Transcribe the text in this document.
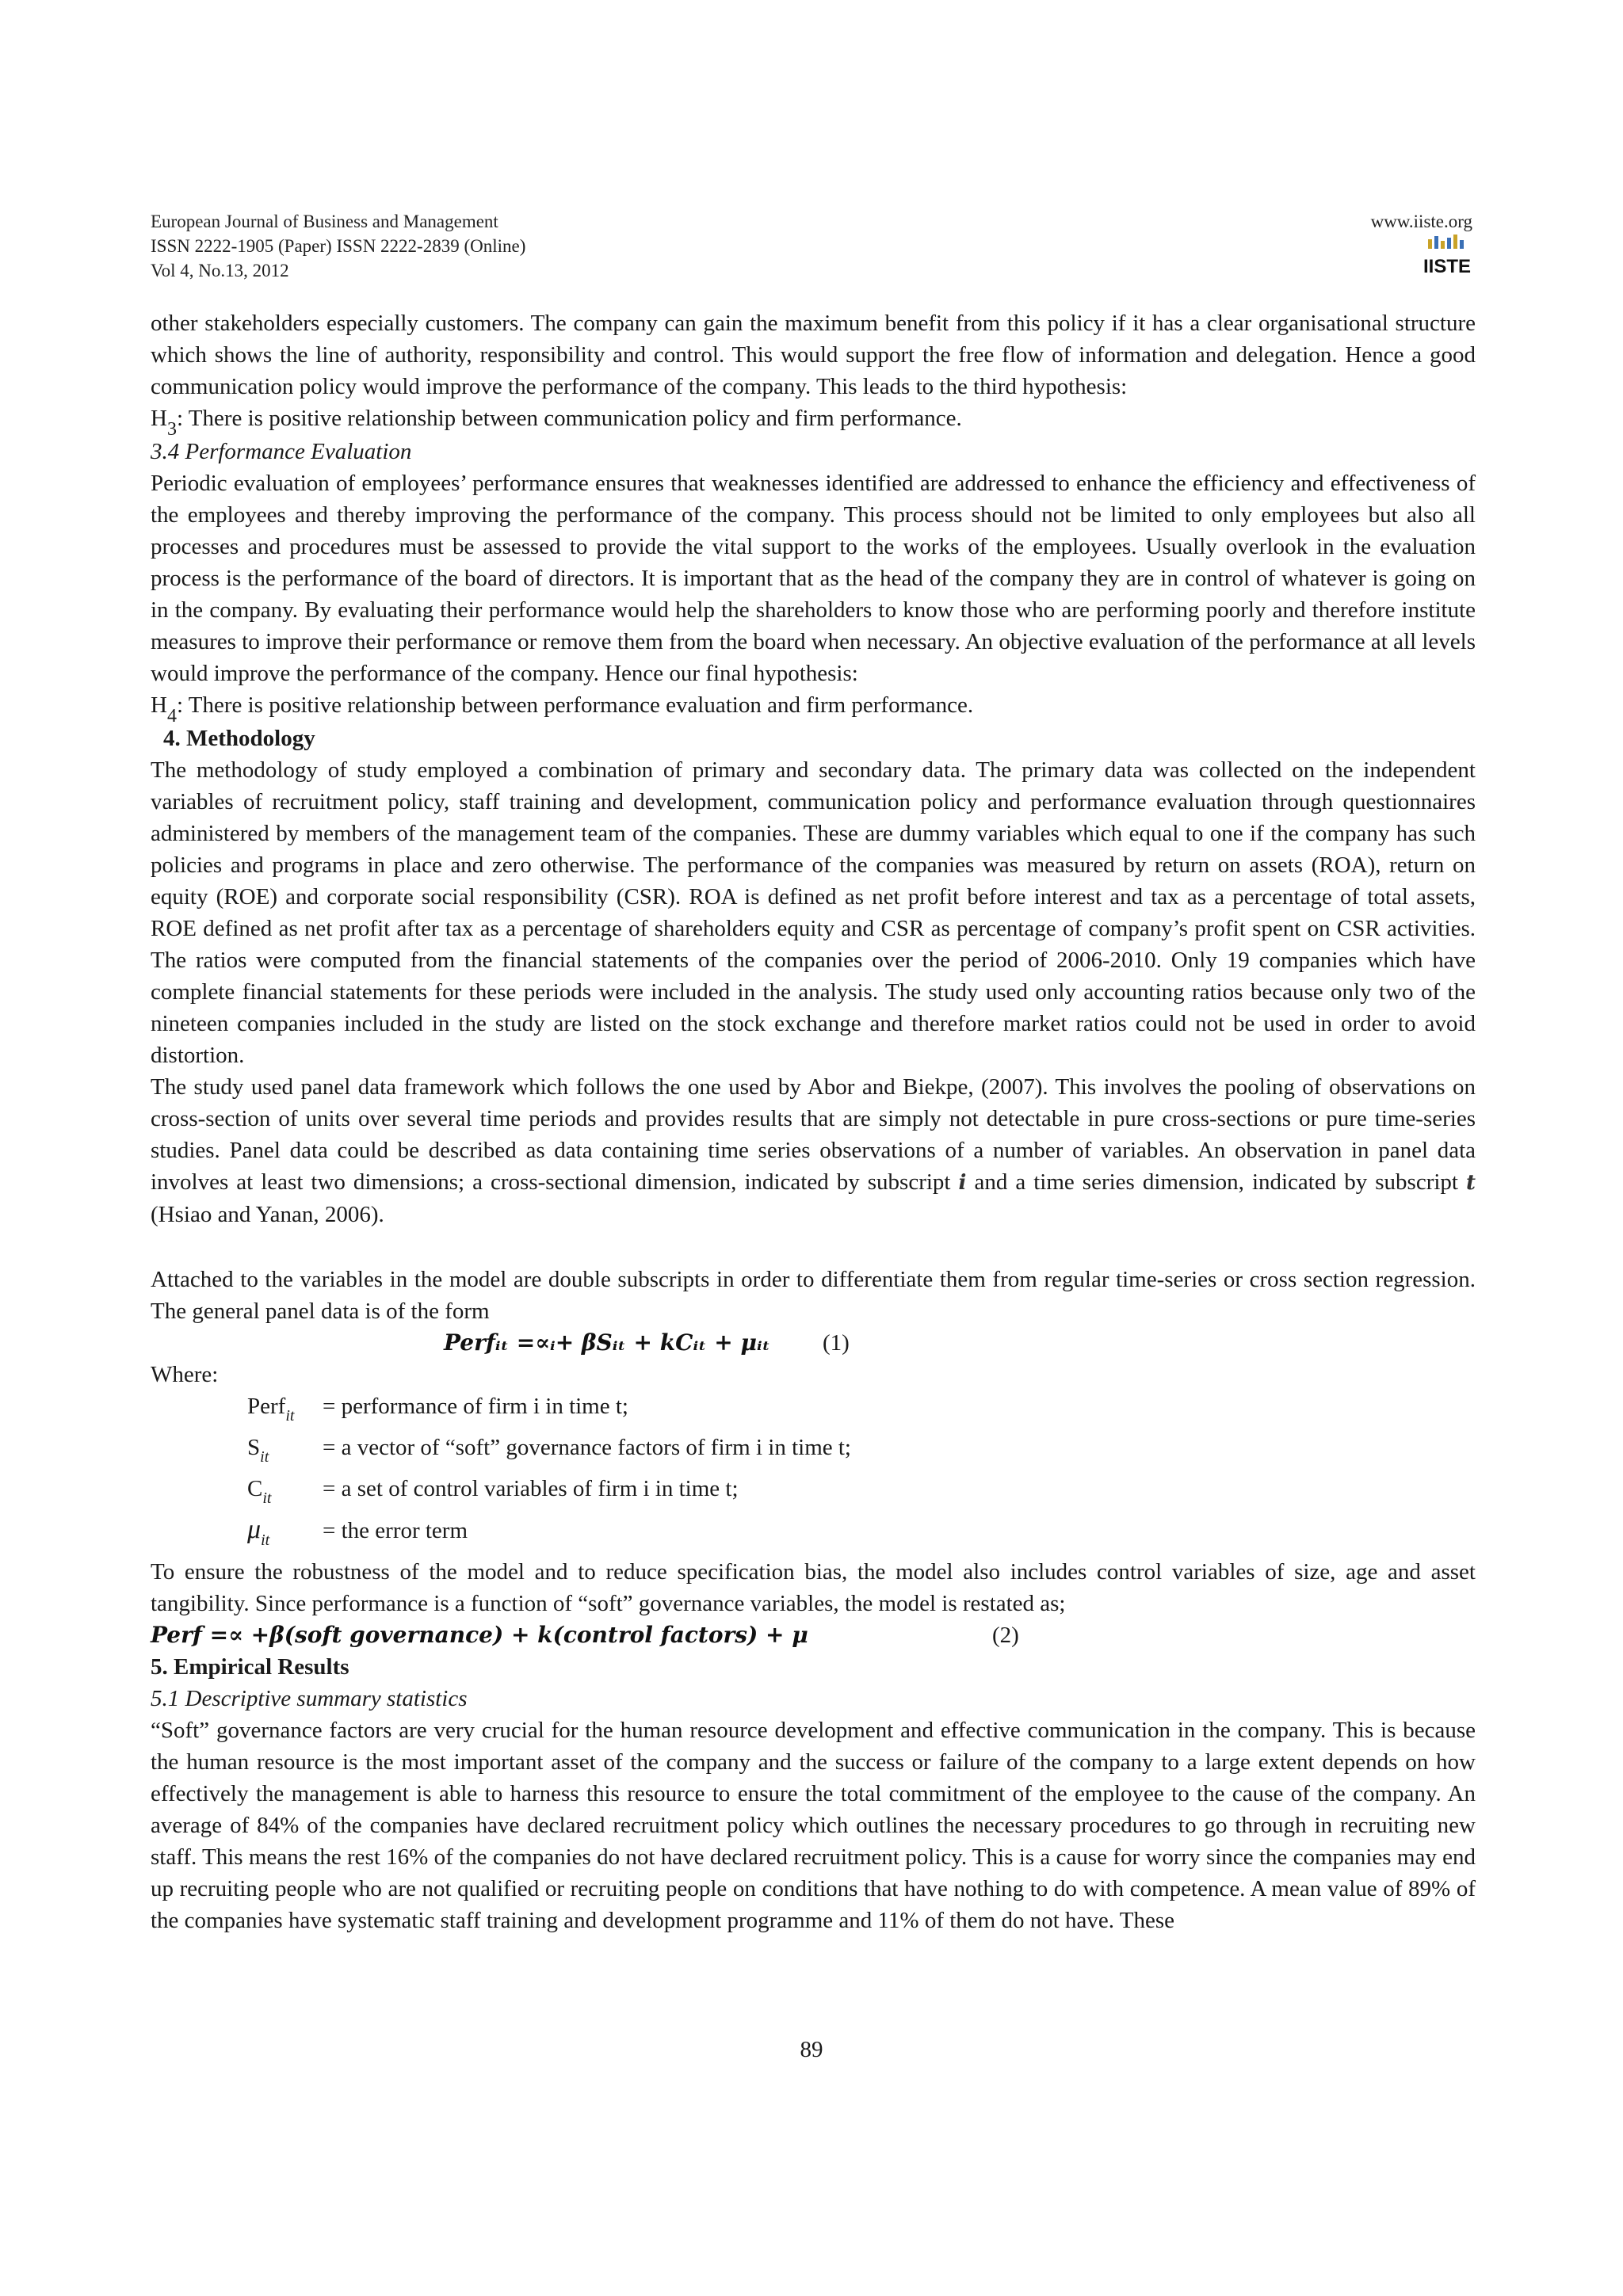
European Journal of Business and Management
ISSN 2222-1905 (Paper) ISSN 2222-2839 (Online)
Vol 4, No.13, 2012
www.iiste.org
IISTE

other stakeholders especially customers. The company can gain the maximum benefit from this policy if it has a clear organisational structure which shows the line of authority, responsibility and control. This would support the free flow of information and delegation. Hence a good communication policy would improve the performance of the company. This leads to the third hypothesis:

$H_3$: There is positive relationship between communication policy and firm performance.

3.4 Performance Evaluation

Periodic evaluation of employees’ performance ensures that weaknesses identified are addressed to enhance the efficiency and effectiveness of the employees and thereby improving the performance of the company. This process should not be limited to only employees but also all processes and procedures must be assessed to provide the vital support to the works of the employees. Usually overlook in the evaluation process is the performance of the board of directors. It is important that as the head of the company they are in control of whatever is going on in the company. By evaluating their performance would help the shareholders to know those who are performing poorly and therefore institute measures to improve their performance or remove them from the board when necessary. An objective evaluation of the performance at all levels would improve the performance of the company. Hence our final hypothesis:

$H_4$: There is positive relationship between performance evaluation and firm performance.

4. Methodology

The methodology of study employed a combination of primary and secondary data. The primary data was collected on the independent variables of recruitment policy, staff training and development, communication policy and performance evaluation through questionnaires administered by members of the management team of the companies. These are dummy variables which equal to one if the company has such policies and programs in place and zero otherwise. The performance of the companies was measured by return on assets (ROA), return on equity (ROE) and corporate social responsibility (CSR). ROA is defined as net profit before interest and tax as a percentage of total assets, ROE defined as net profit after tax as a percentage of shareholders equity and CSR as percentage of company’s profit spent on CSR activities. The ratios were computed from the financial statements of the companies over the period of 2006-2010. Only 19 companies which have complete financial statements for these periods were included in the analysis. The study used only accounting ratios because only two of the nineteen companies included in the study are listed on the stock exchange and therefore market ratios could not be used in order to avoid distortion.

The study used panel data framework which follows the one used by Abor and Biekpe, (2007). This involves the pooling of observations on cross-section of units over several time periods and provides results that are simply not detectable in pure cross-sections or pure time-series studies. Panel data could be described as data containing time series observations of a number of variables. An observation in panel data involves at least two dimensions; a cross-sectional dimension, indicated by subscript i and a time series dimension, indicated by subscript t (Hsiao and Yanan, 2006).

Attached to the variables in the model are double subscripts in order to differentiate them from regular time-series or cross section regression. The general panel data is of the form

Perfᵢₜ =∝ᵢ+ βSᵢₜ + kCᵢₜ + μᵢₜ (1)

Where:

Perf$_{it}$ = performance of firm i in time t;
$S_{it} = a$ vector of “soft” governance factors of firm i in time t;
$C_{it} = a$ set of control variables of firm i in time t;
$\mu_{it}$ = the error term

To ensure the robustness of the model and to reduce specification bias, the model also includes control variables of size, age and asset tangibility. Since performance is a function of “soft” governance variables, the model is restated as;

Perf =∝ +β(soft governance) + k(control factors) + μ	(2)

5. Empirical Results

5.1 Descriptive summary statistics

“Soft” governance factors are very crucial for the human resource development and effective communication in the company. This is because the human resource is the most important asset of the company and the success or failure of the company to a large extent depends on how effectively the management is able to harness this resource to ensure the total commitment of the employee to the cause of the company. An average of 84% of the companies have declared recruitment policy which outlines the necessary procedures to go through in recruiting new staff. This means the rest 16% of the companies do not have declared recruitment policy. This is a cause for worry since the companies may end up recruiting people who are not qualified or recruiting people on conditions that have nothing to do with competence. A mean value of 89% of the companies have systematic staff training and development programme and 11% of them do not have. These

89
